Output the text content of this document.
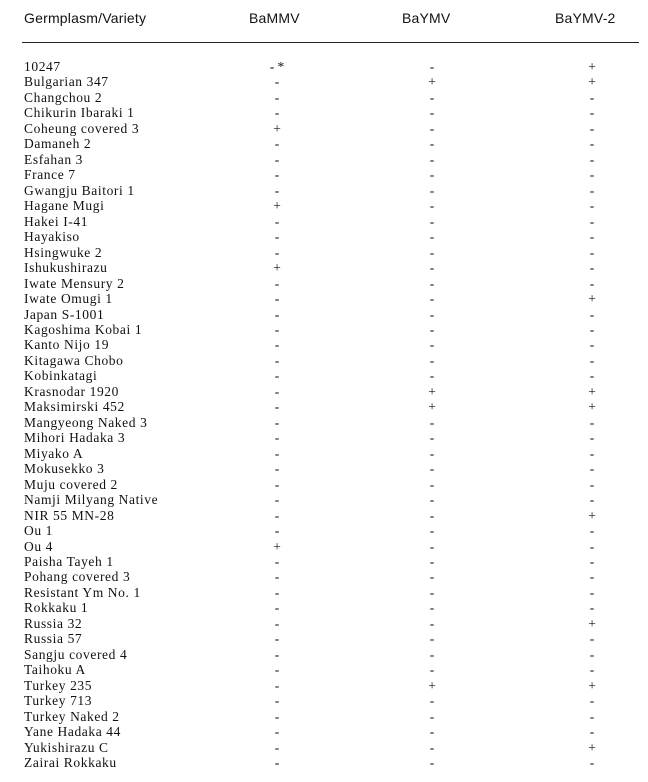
Germplasm/Variety	BaMMV	BaYMV	BaYMV-2
10247	- *	-	+
Bulgarian 347	-	+	+
Changchou 2	-	-	-
Chikurin Ibaraki 1	-	-	-
Coheung covered 3	+	-	-
Damaneh 2	-	-	-
Esfahan 3	-	-	-
France 7	-	-	-
Gwangju Baitori 1	-	-	-
Hagane Mugi	+	-	-
Hakei I-41	-	-	-
Hayakiso	-	-	-
Hsingwuke 2	-	-	-
Ishukushirazu	+	-	-
Iwate Mensury 2	-	-	-
Iwate Omugi 1	-	-	+
Japan S-1001	-	-	-
Kagoshima Kobai 1	-	-	-
Kanto Nijo 19	-	-	-
Kitagawa Chobo	-	-	-
Kobinkatagi	-	-	-
Krasnodar 1920	-	+	+
Maksimirski 452	-	+	+
Mangyeong Naked 3	-	-	-
Mihori Hadaka 3	-	-	-
Miyako A	-	-	-
Mokusekko 3	-	-	-
Muju covered 2	-	-	-
Namji Milyang Native	-	-	-
NIR 55 MN-28	-	-	+
Ou 1	-	-	-
Ou 4	+	-	-
Paisha Tayeh 1	-	-	-
Pohang covered 3	-	-	-
Resistant Ym No. 1	-	-	-
Rokkaku 1	-	-	-
Russia 32	-	-	+
Russia 57	-	-	-
Sangju covered 4	-	-	-
Taihoku A	-	-	-
Turkey 235	-	+	+
Turkey 713	-	-	-
Turkey Naked 2	-	-	-
Yane Hadaka 44	-	-	-
Yukishirazu C	-	-	+
Zairai Rokkaku	-	-	-
